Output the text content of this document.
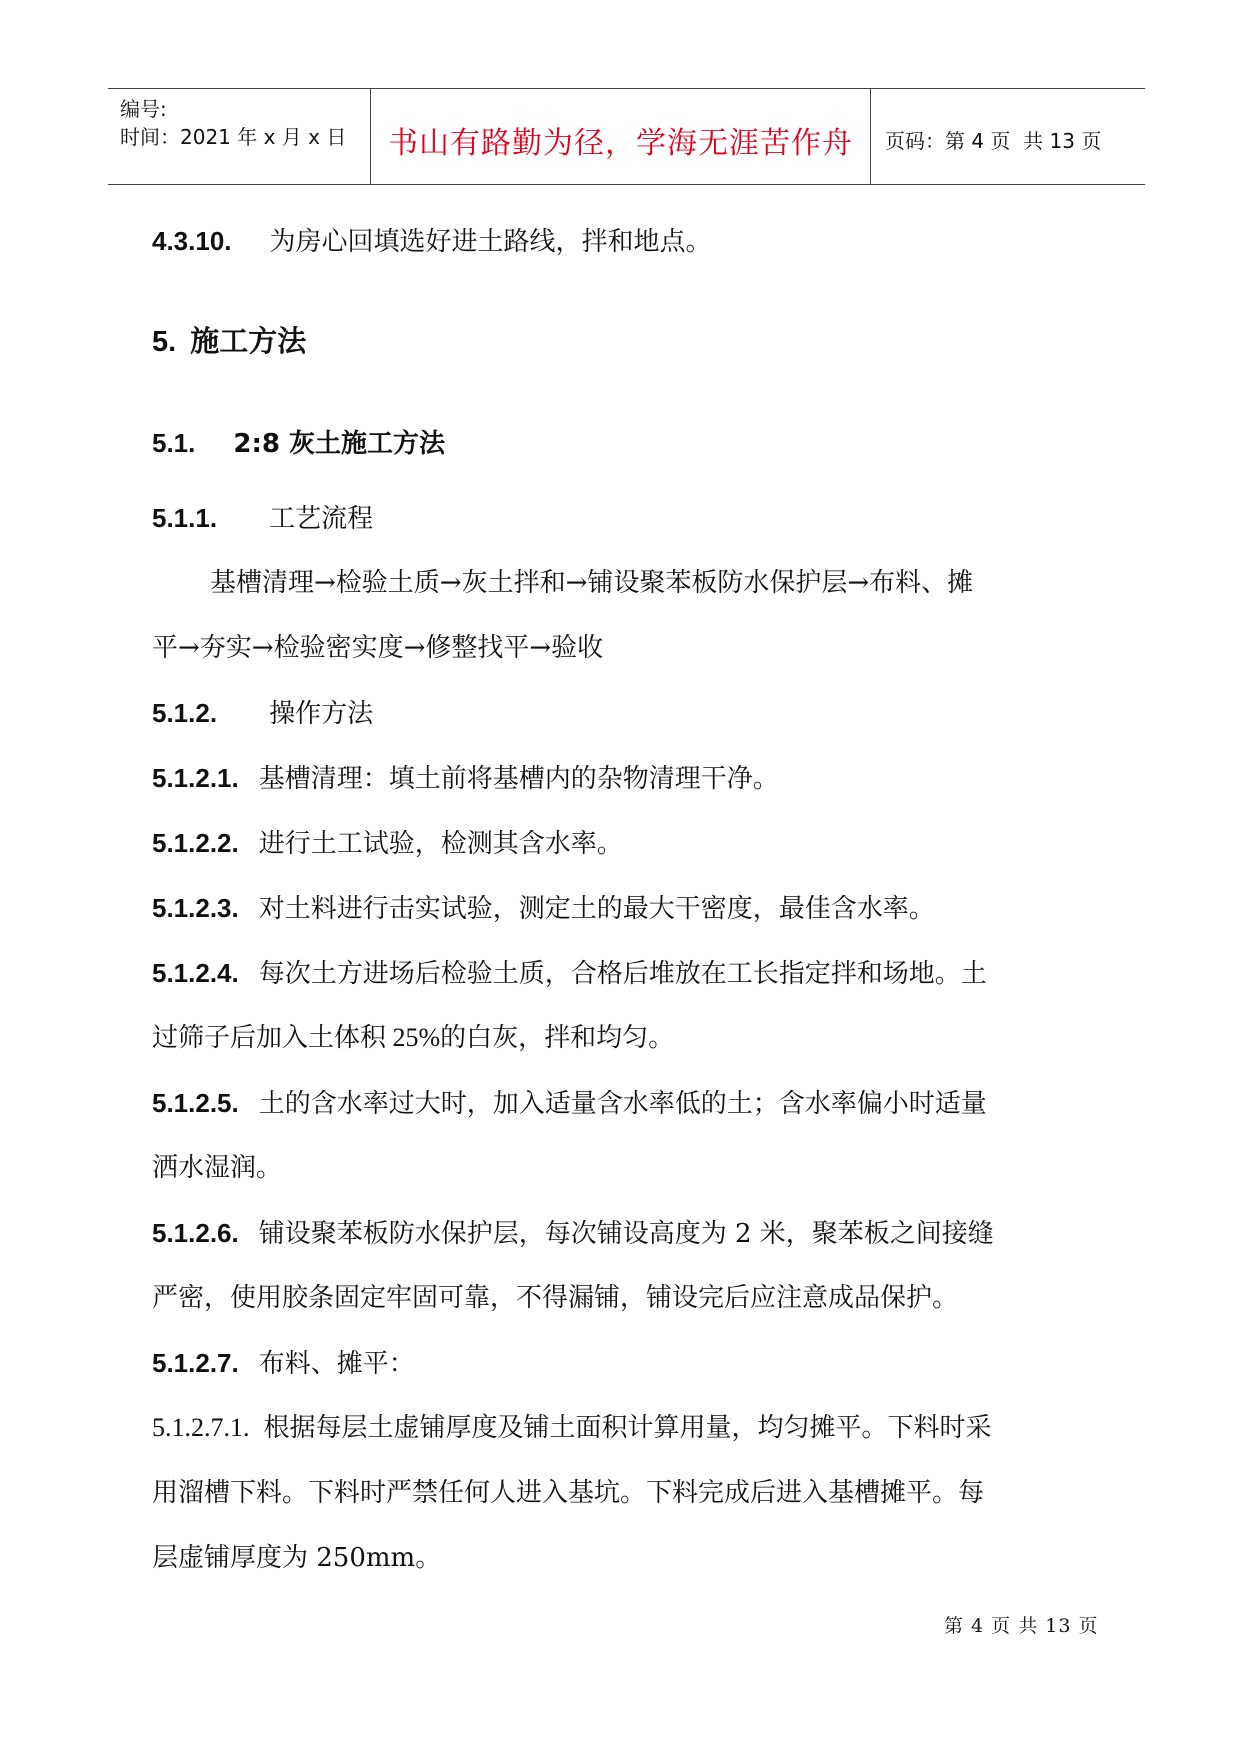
编号:
时间：2021 年 x 月 x 日	书山有路勤为径，学海无涯苦作舟	页码：第 4 页  共 13 页
4.3.10. 为房心回填选好进土路线，拌和地点。
5. 施工方法
5.1. 2:8 灰土施工方法
5.1.1. 工艺流程
基槽清理→检验土质→灰土拌和→铺设聚苯板防水保护层→布料、摊
平→夯实→检验密实度→修整找平→验收
5.1.2. 操作方法
5.1.2.1. 基槽清理：填土前将基槽内的杂物清理干净。
5.1.2.2. 进行土工试验，检测其含水率。
5.1.2.3. 对土料进行击实试验，测定土的最大干密度，最佳含水率。
5.1.2.4. 每次土方进场后检验土质，合格后堆放在工长指定拌和场地。土
过筛子后加入土体积 25%的白灰，拌和均匀。
5.1.2.5. 土的含水率过大时，加入适量含水率低的土；含水率偏小时适量
洒水湿润。
5.1.2.6. 铺设聚苯板防水保护层，每次铺设高度为 2 米，聚苯板之间接缝
严密，使用胶条固定牢固可靠，不得漏铺，铺设完后应注意成品保护。
5.1.2.7. 布料、摊平：
5.1.2.7.1. 根据每层土虚铺厚度及铺土面积计算用量，均匀摊平。下料时采
用溜槽下料。下料时严禁任何人进入基坑。下料完成后进入基槽摊平。每
层虚铺厚度为 250mm。
第 4 页 共 13 页
